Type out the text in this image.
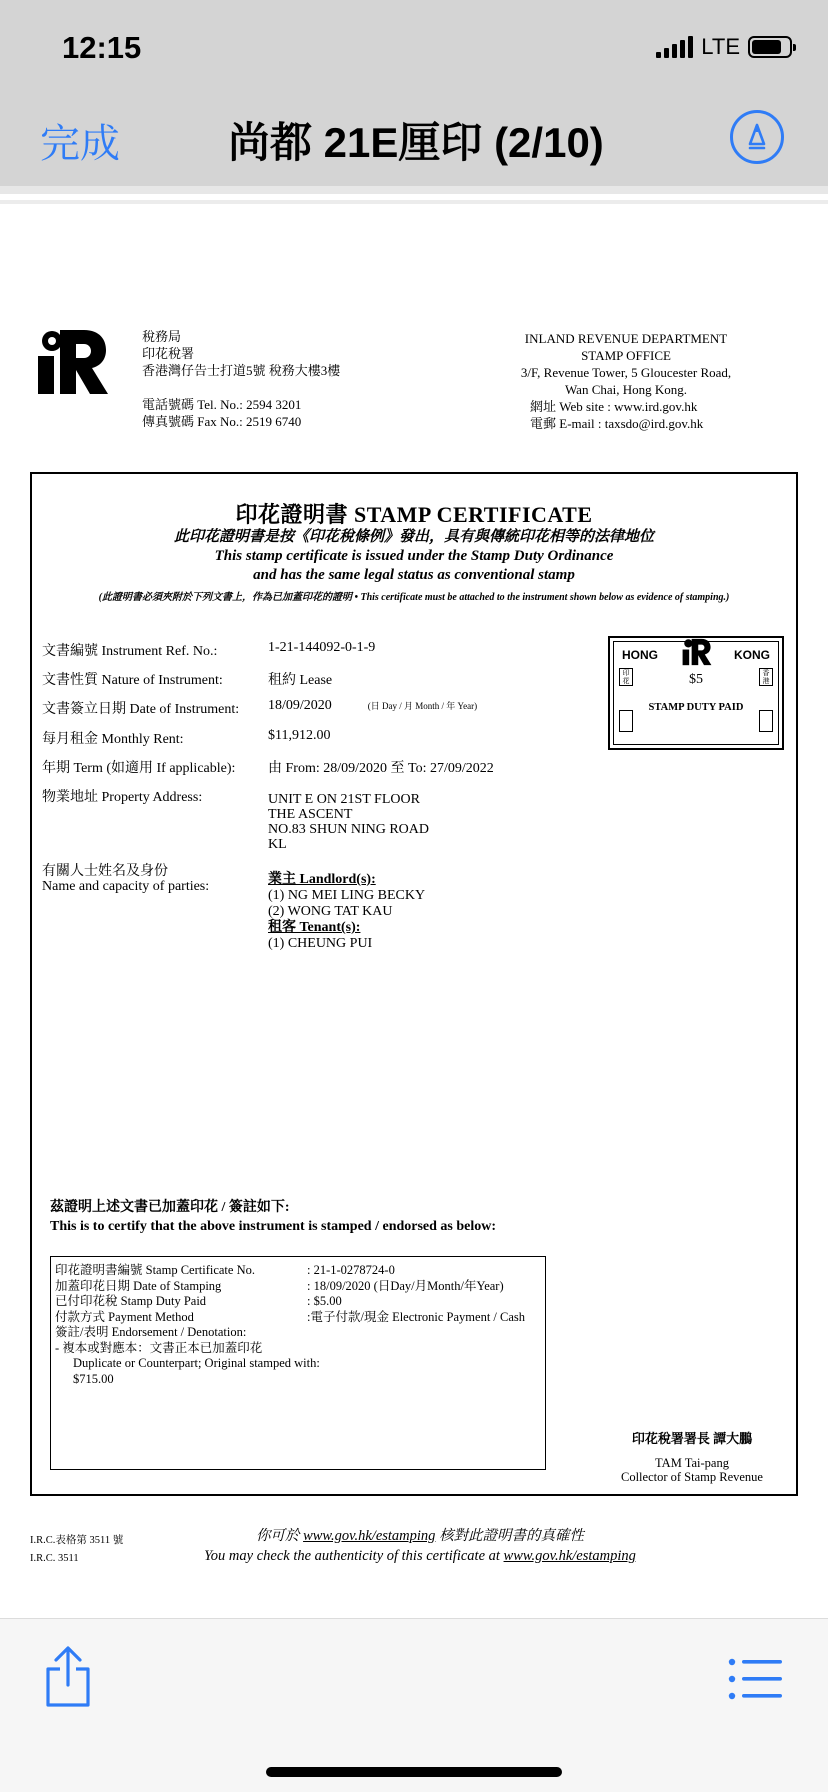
12:15	LTE
完成	尚都 21E厘印 (2/10)
稅務局
印花稅署
香港灣仔告士打道5號 稅務大樓3樓
電話號碼 Tel. No.: 2594 3201
傳真號碼 Fax No.: 2519 6740
INLAND REVENUE DEPARTMENT
STAMP OFFICE
3/F, Revenue Tower, 5 Gloucester Road,
Wan Chai, Hong Kong.
網址 Web site : www.ird.gov.hk
電郵 E-mail : taxsdo@ird.gov.hk
印花證明書 STAMP CERTIFICATE
此印花證明書是按《印花稅條例》發出，具有與傳統印花相等的法律地位
This stamp certificate is issued under the Stamp Duty Ordinance
and has the same legal status as conventional stamp
(此證明書必須夾附於下列文書上，作為已加蓋印花的證明 • This certificate must be attached to the instrument shown below as evidence of stamping.)
文書編號 Instrument Ref. No.:	1-21-144092-0-1-9
文書性質 Nature of Instrument:	租約 Lease
文書簽立日期 Date of Instrument: 18/09/2020	(日 Day / 月 Month / 年 Year)
每月租金 Monthly Rent:	$11,912.00
年期 Term (如適用 If applicable): 由 From: 28/09/2020 至 To: 27/09/2022
物業地址 Property Address:	UNIT E ON 21ST FLOOR
THE ASCENT
NO.83 SHUN NING ROAD
KL
有關人士姓名及身份
Name and capacity of parties:	業主 Landlord(s):
(1) NG MEI LING BECKY
(2) WONG TAT KAU
租客 Tenant(s):
(1) CHEUNG PUI
HONG	KONG
$5
STAMP DUTY PAID
印花
香港
茲證明上述文書已加蓋印花 / 簽註如下:
This is to certify that the above instrument is stamped / endorsed as below:
印花證明書編號 Stamp Certificate No.	: 21-1-0278724-0
加蓋印花日期 Date of Stamping	: 18/09/2020 (日Day/月Month/年Year)
已付印花稅 Stamp Duty Paid	: $5.00
付款方式 Payment Method	:電子付款/現金 Electronic Payment / Cash
簽註/表明 Endorsement / Denotation:
- 複本或對應本：文書正本已加蓋印花
Duplicate or Counterpart; Original stamped with:
$715.00
印花稅署署長 譚大鵬
TAM Tai-pang
Collector of Stamp Revenue
I.R.C.表格第 3511 號
I.R.C. 3511
你可於 www.gov.hk/estamping 核對此證明書的真確性
You may check the authenticity of this certificate at www.gov.hk/estamping
